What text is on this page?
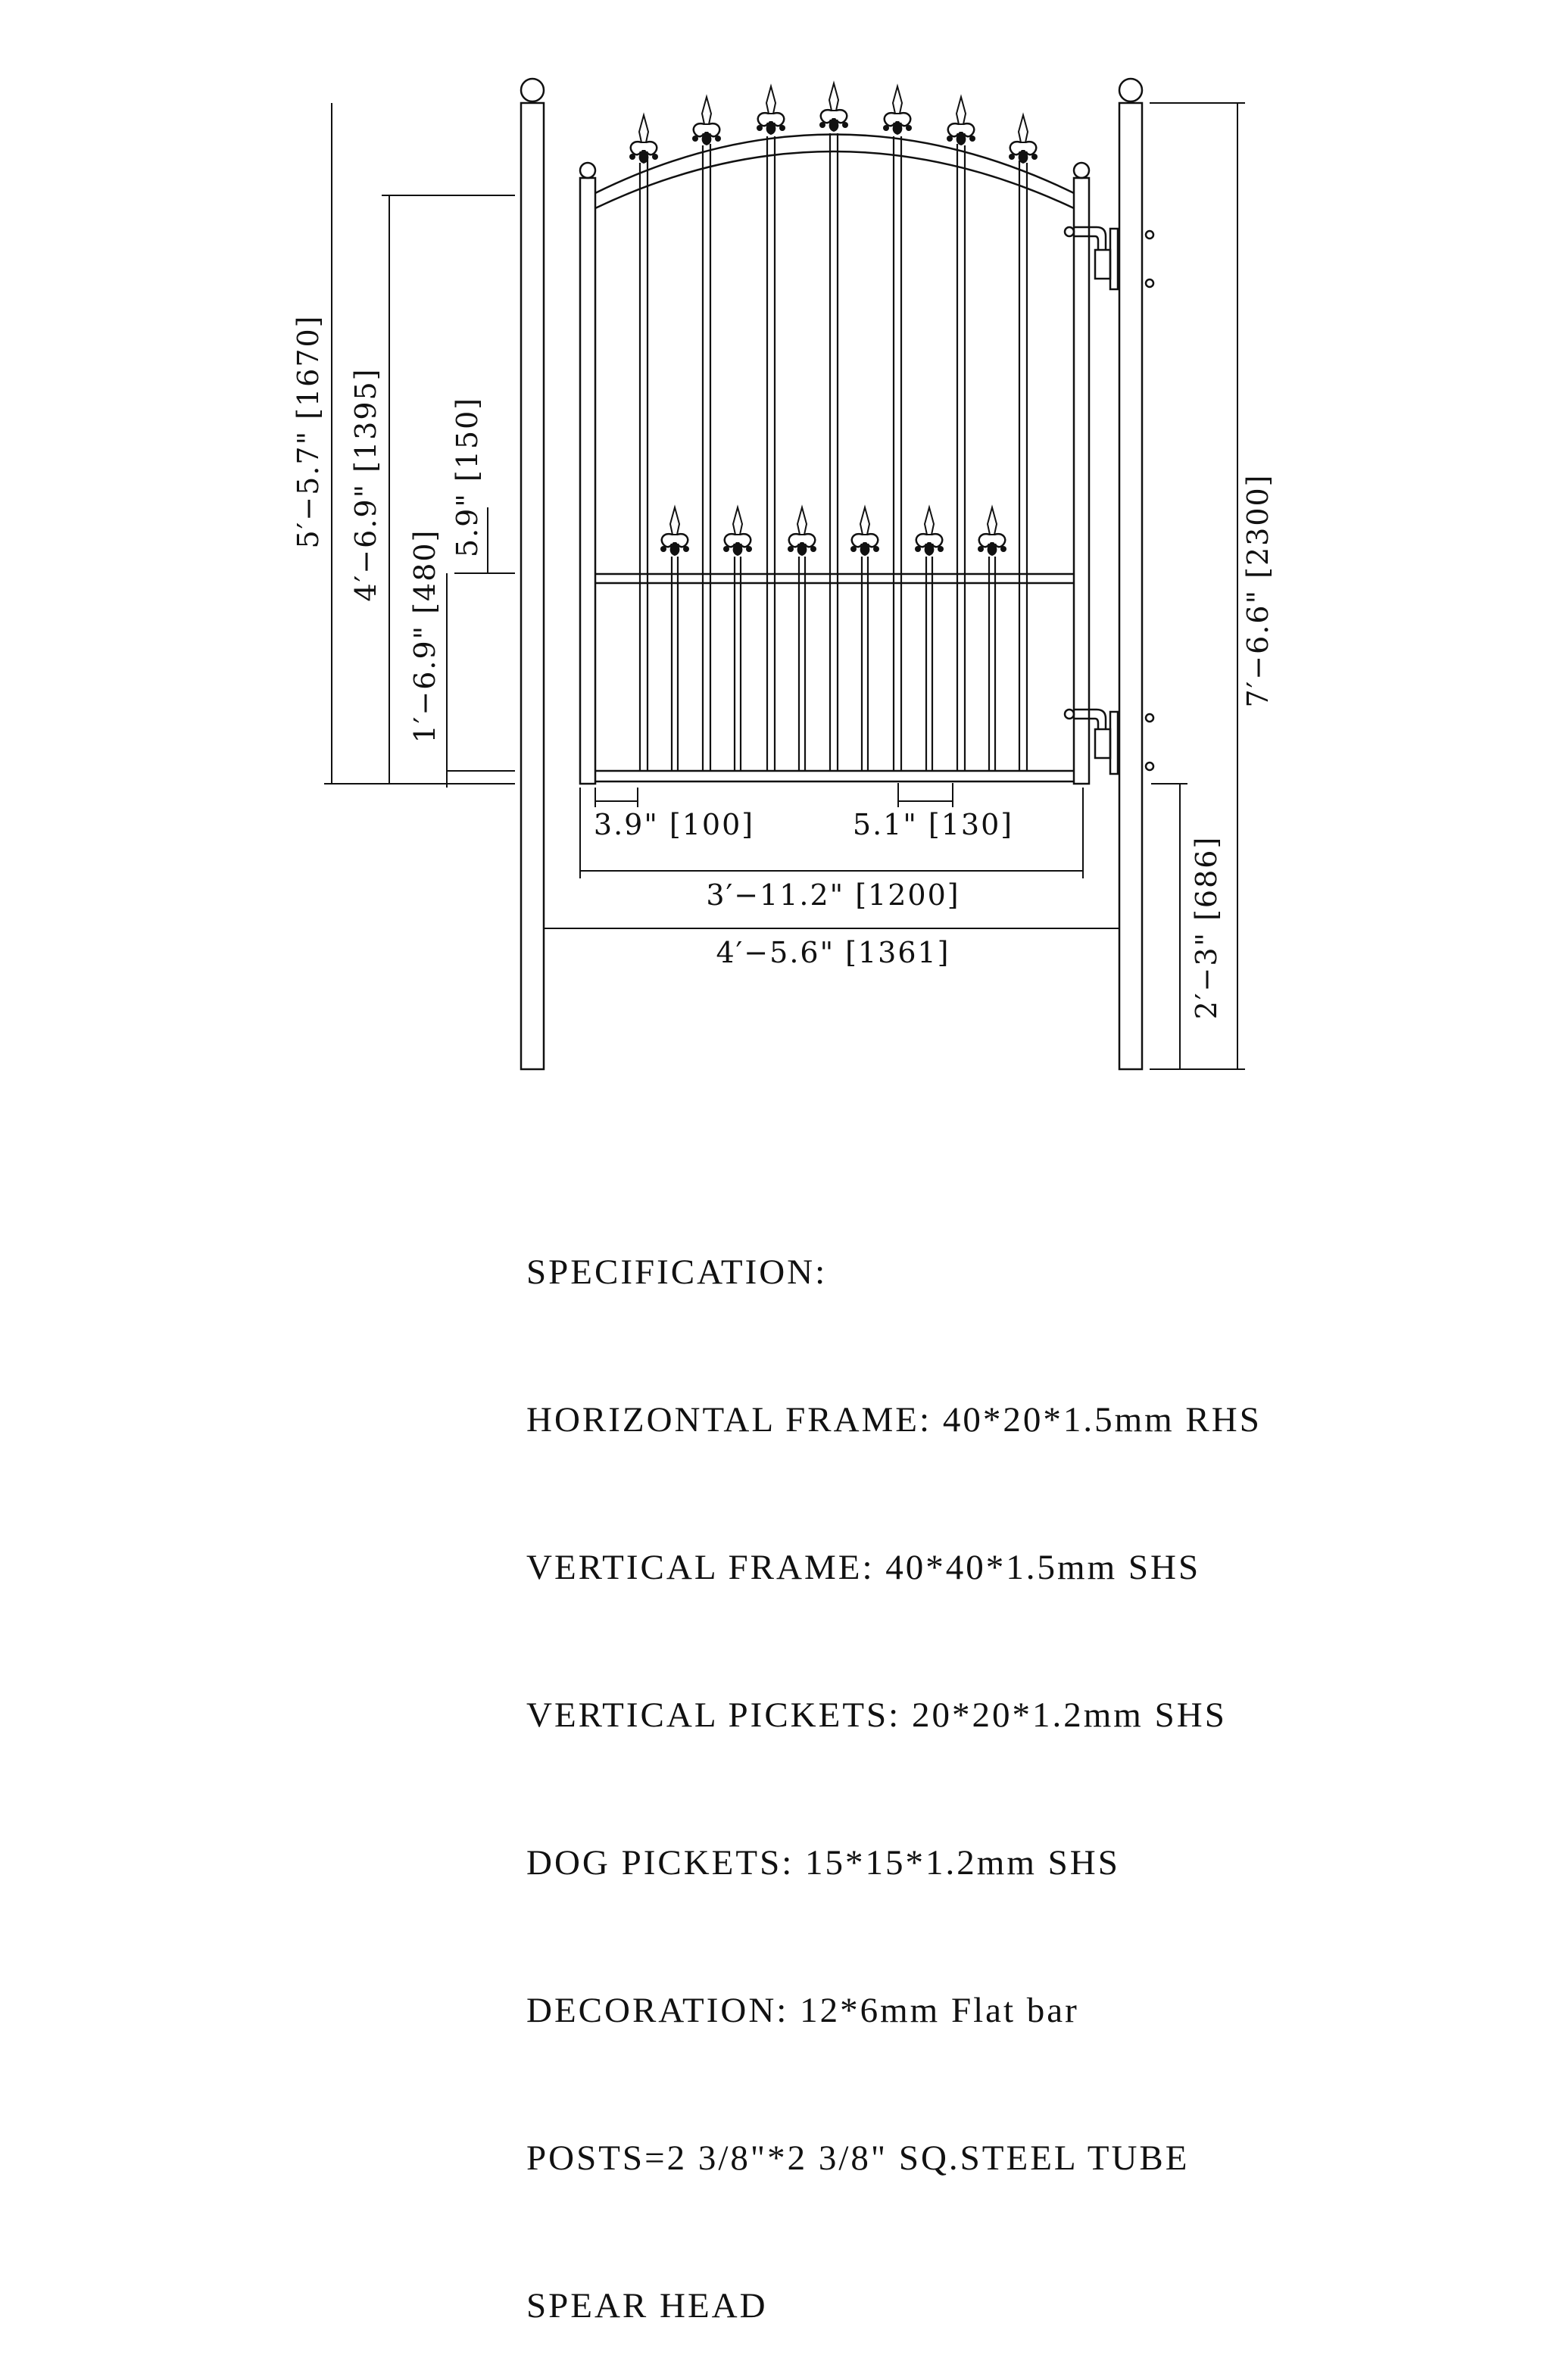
5′−5.7" [1670] 4′−6.9" [1395] 5.9" [150]
1′−6.9" [480]	7′−6.6" [2300]
2′−3" [686]
3.9" [100]	5.1" [130]
3′−11.2" [1200]
4′−5.6" [1361]

SPECIFICATION:

HORIZONTAL FRAME: 40*20*1.5mm RHS

VERTICAL FRAME: 40*40*1.5mm SHS

VERTICAL PICKETS: 20*20*1.2mm SHS

DOG PICKETS: 15*15*1.2mm SHS

DECORATION: 12*6mm Flat bar

POSTS=2 3/8"*2 3/8" SQ.STEEL TUBE

SPEAR HEAD
